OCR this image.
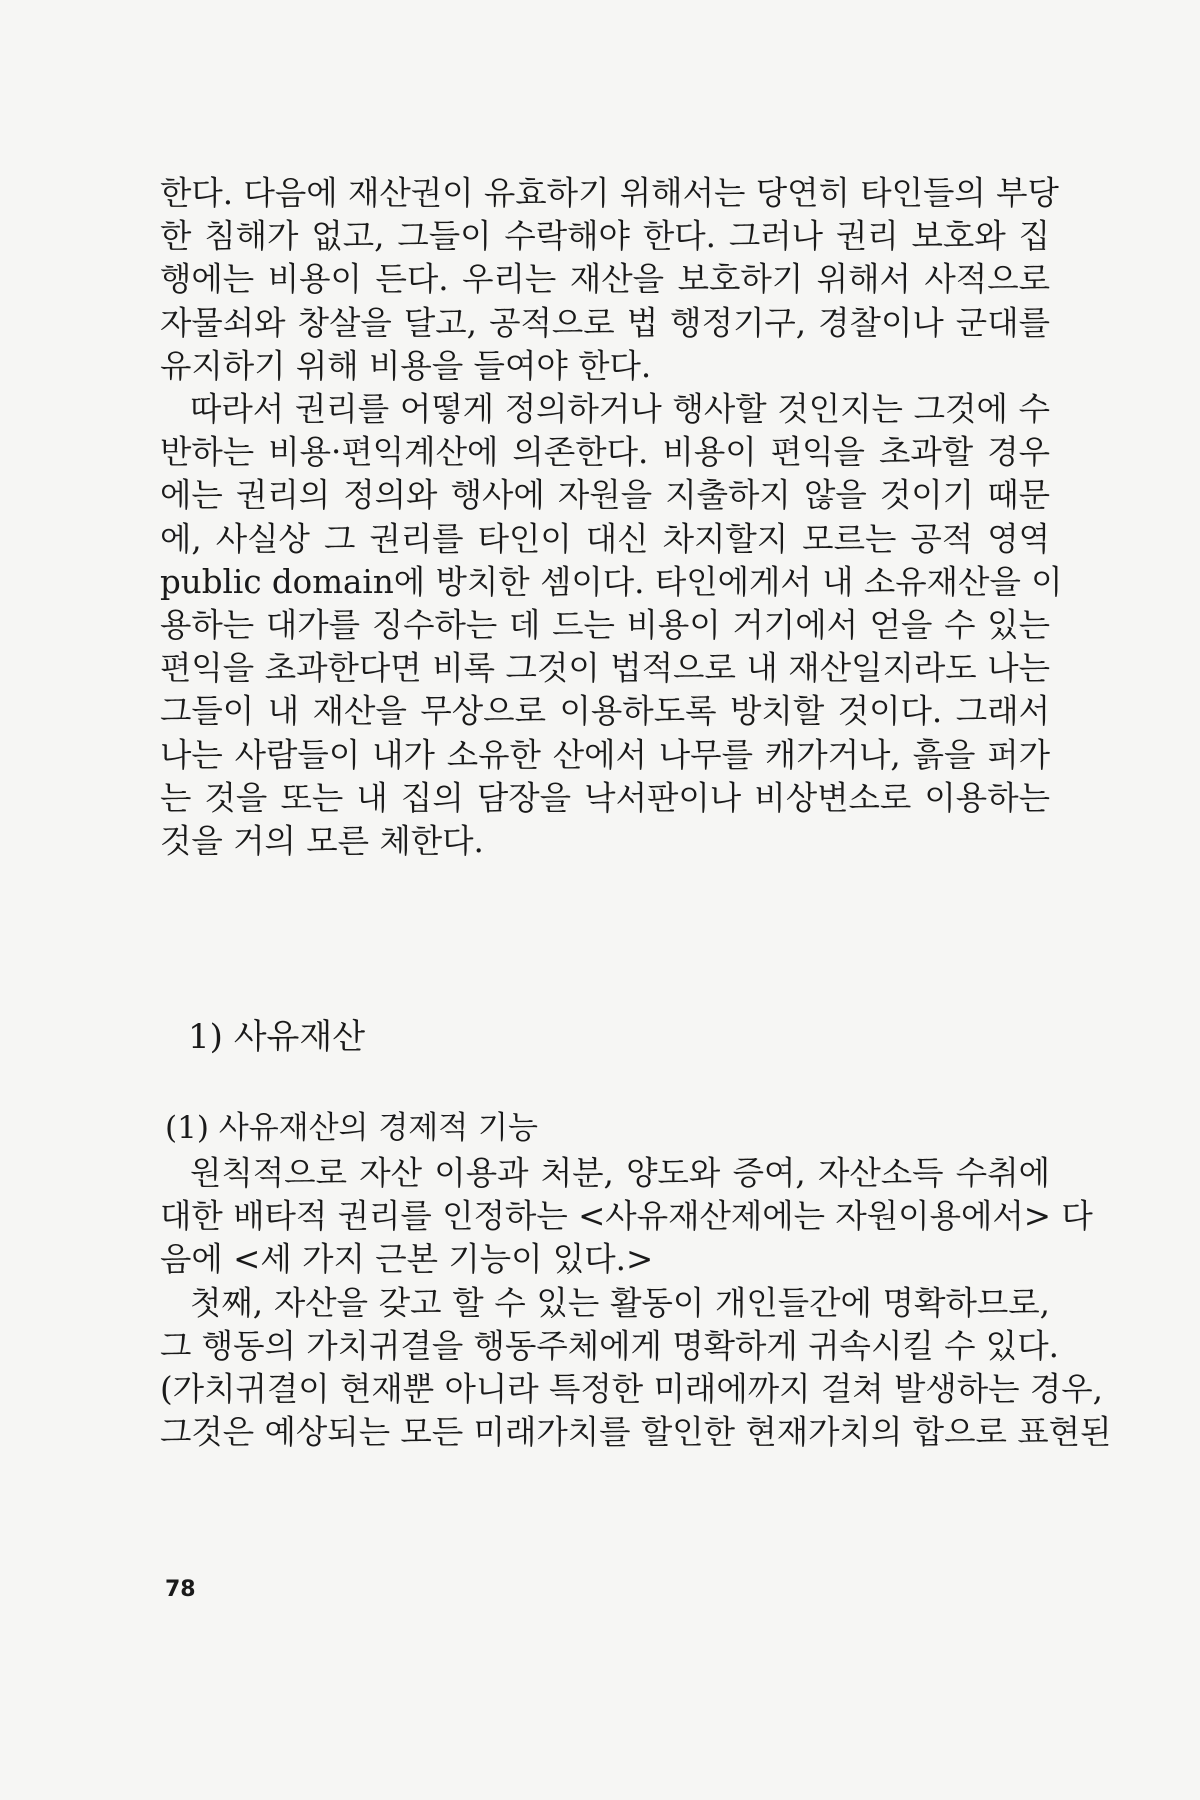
한다. 다음에 재산권이 유효하기 위해서는 당연히 타인들의 부당
한 침해가 없고, 그들이 수락해야 한다. 그러나 권리 보호와 집
행에는 비용이 든다. 우리는 재산을 보호하기 위해서 사적으로
자물쇠와 창살을 달고, 공적으로 법 행정기구, 경찰이나 군대를
유지하기 위해 비용을 들여야 한다.
따라서 권리를 어떻게 정의하거나 행사할 것인지는 그것에 수
반하는 비용·편익계산에 의존한다. 비용이 편익을 초과할 경우
에는 권리의 정의와 행사에 자원을 지출하지 않을 것이기 때문
에, 사실상 그 권리를 타인이 대신 차지할지 모르는 공적 영역
public domain에 방치한 셈이다. 타인에게서 내 소유재산을 이
용하는 대가를 징수하는 데 드는 비용이 거기에서 얻을 수 있는
편익을 초과한다면 비록 그것이 법적으로 내 재산일지라도 나는
그들이 내 재산을 무상으로 이용하도록 방치할 것이다. 그래서
나는 사람들이 내가 소유한 산에서 나무를 캐가거나, 흙을 퍼가
는 것을 또는 내 집의 담장을 낙서판이나 비상변소로 이용하는
것을 거의 모른 체한다.
1) 사유재산
(1) 사유재산의 경제적 기능
원칙적으로 자산 이용과 처분, 양도와 증여, 자산소득 수취에
대한 배타적 권리를 인정하는 <사유재산제에는 자원이용에서> 다
음에 <세 가지 근본 기능이 있다.>
첫째, 자산을 갖고 할 수 있는 활동이 개인들간에 명확하므로,
그 행동의 가치귀결을 행동주체에게 명확하게 귀속시킬 수 있다.
(가치귀결이 현재뿐 아니라 특정한 미래에까지 걸쳐 발생하는 경우,
그것은 예상되는 모든 미래가치를 할인한 현재가치의 합으로 표현된
78
